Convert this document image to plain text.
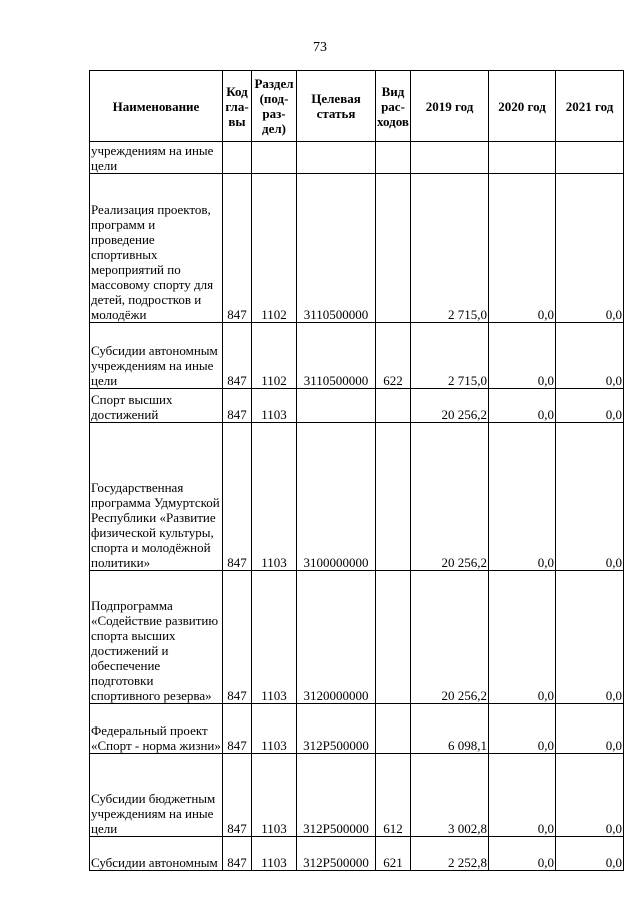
73
Наименование	Код гла-вы	Раздел (под-раз-дел)	Целевая статья	Вид рас-ходов	2019 год	2020 год	2021 год
учреждениям на иные цели							
Реализация проектов, программ и проведение спортивных мероприятий по массовому спорту для детей, подростков и молодёжи	847	1102	3110500000		2 715,0	0,0	0,0
Субсидии автономным учреждениям на иные цели	847	1102	3110500000	622	2 715,0	0,0	0,0
Спорт высших достижений	847	1103			20 256,2	0,0	0,0
Государственная программа Удмуртской Республики «Развитие физической культуры, спорта и молодёжной политики»	847	1103	3100000000		20 256,2	0,0	0,0
Подпрограмма «Содействие развитию спорта высших достижений и обеспечение подготовки спортивного резерва»	847	1103	3120000000		20 256,2	0,0	0,0
Федеральный проект «Спорт - норма жизни»	847	1103	312P500000		6 098,1	0,0	0,0
Субсидии бюджетным учреждениям на иные цели	847	1103	312P500000	612	3 002,8	0,0	0,0
Субсидии автономным	847	1103	312P500000	621	2 252,8	0,0	0,0
